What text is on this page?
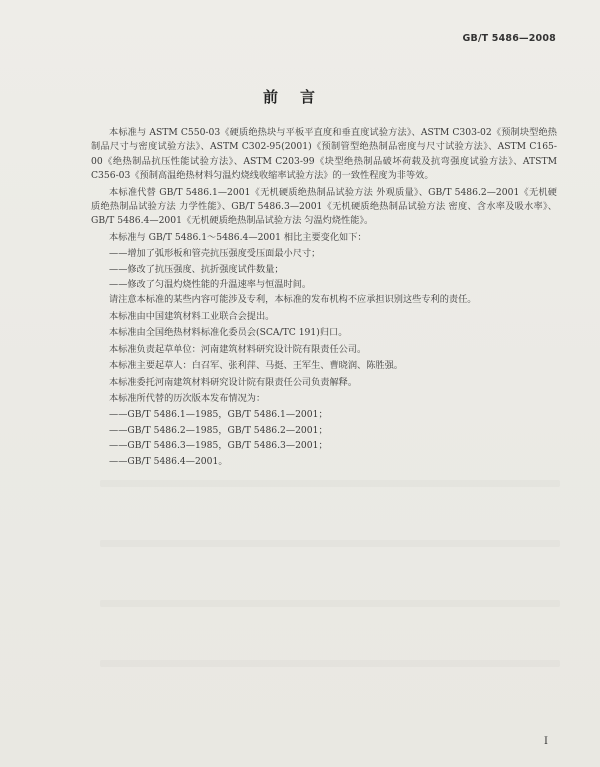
GB/T 5486—2008
前言

本标准与 ASTM C550-03《硬质绝热块与平板平直度和垂直度试验方法》、ASTM C303-02《预制块型绝热制品尺寸与密度试验方法》、ASTM C302-95(2001)《预制管型绝热制品密度与尺寸试验方法》、ASTM C165-00《绝热制品抗压性能试验方法》、ASTM C203-99《块型绝热制品破坏荷载及抗弯强度试验方法》、ATSTM C356-03《预制高温绝热材料匀温灼烧线收缩率试验方法》的一致性程度为非等效。

本标准代替 GB/T 5486.1—2001《无机硬质绝热制品试验方法 外观质量》、GB/T 5486.2—2001《无机硬质绝热制品试验方法 力学性能》、GB/T 5486.3—2001《无机硬质绝热制品试验方法 密度、含水率及吸水率》、GB/T 5486.4—2001《无机硬质绝热制品试验方法 匀温灼烧性能》。

本标准与 GB/T 5486.1～5486.4—2001 相比主要变化如下：

——增加了弧形板和管壳抗压强度受压面最小尺寸；
——修改了抗压强度、抗折强度试件数量；
——修改了匀温灼烧性能的升温速率与恒温时间。

请注意本标准的某些内容可能涉及专利，本标准的发布机构不应承担识别这些专利的责任。

本标准由中国建筑材料工业联合会提出。

本标准由全国绝热材料标准化委员会(SCA/TC 191)归口。

本标准负责起草单位：河南建筑材料研究设计院有限责任公司。

本标准主要起草人：白召军、张利萍、马挺、王军生、曹晓润、陈胜强。

本标准委托河南建筑材料研究设计院有限责任公司负责解释。

本标准所代替的历次版本发布情况为：

——GB/T 5486.1—1985，GB/T 5486.1—2001；
——GB/T 5486.2—1985，GB/T 5486.2—2001；
——GB/T 5486.3—1985，GB/T 5486.3—2001；
——GB/T 5486.4—2001。
I
